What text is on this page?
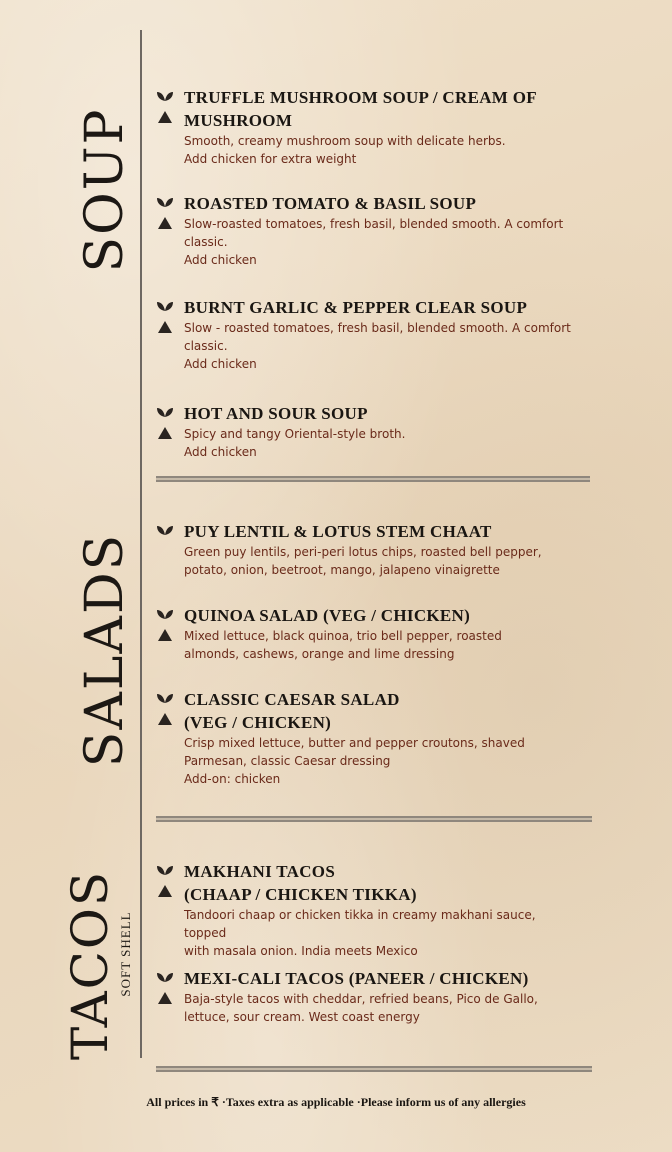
SOUP
SALADS
TACOS SOFT SHELL
TRUFFLE MUSHROOM SOUP / CREAM OF
MUSHROOM
Smooth, creamy mushroom soup with delicate herbs.
Add chicken for extra weight
ROASTED TOMATO & BASIL SOUP
Slow-roasted tomatoes, fresh basil, blended smooth. A comfort
classic.
Add chicken
BURNT GARLIC & PEPPER CLEAR SOUP
Slow - roasted tomatoes, fresh basil, blended smooth. A comfort
classic.
Add chicken
HOT AND SOUR SOUP
Spicy and tangy Oriental-style broth.
Add chicken
PUY LENTIL & LOTUS STEM CHAAT
Green puy lentils, peri-peri lotus chips, roasted bell pepper,
potato, onion, beetroot, mango, jalapeno vinaigrette
QUINOA SALAD (VEG / CHICKEN)
Mixed lettuce, black quinoa, trio bell pepper, roasted
almonds, cashews, orange and lime dressing
CLASSIC CAESAR SALAD
(VEG / CHICKEN)
Crisp mixed lettuce, butter and pepper croutons, shaved
Parmesan, classic Caesar dressing
Add-on: chicken
MAKHANI TACOS
(CHAAP / CHICKEN TIKKA)
Tandoori chaap or chicken tikka in creamy makhani sauce, topped
with masala onion. India meets Mexico
MEXI-CALI TACOS (PANEER / CHICKEN)
Baja-style tacos with cheddar, refried beans, Pico de Gallo,
lettuce, sour cream. West coast energy
All prices in ₹ ·Taxes extra as applicable ·Please inform us of any allergies
